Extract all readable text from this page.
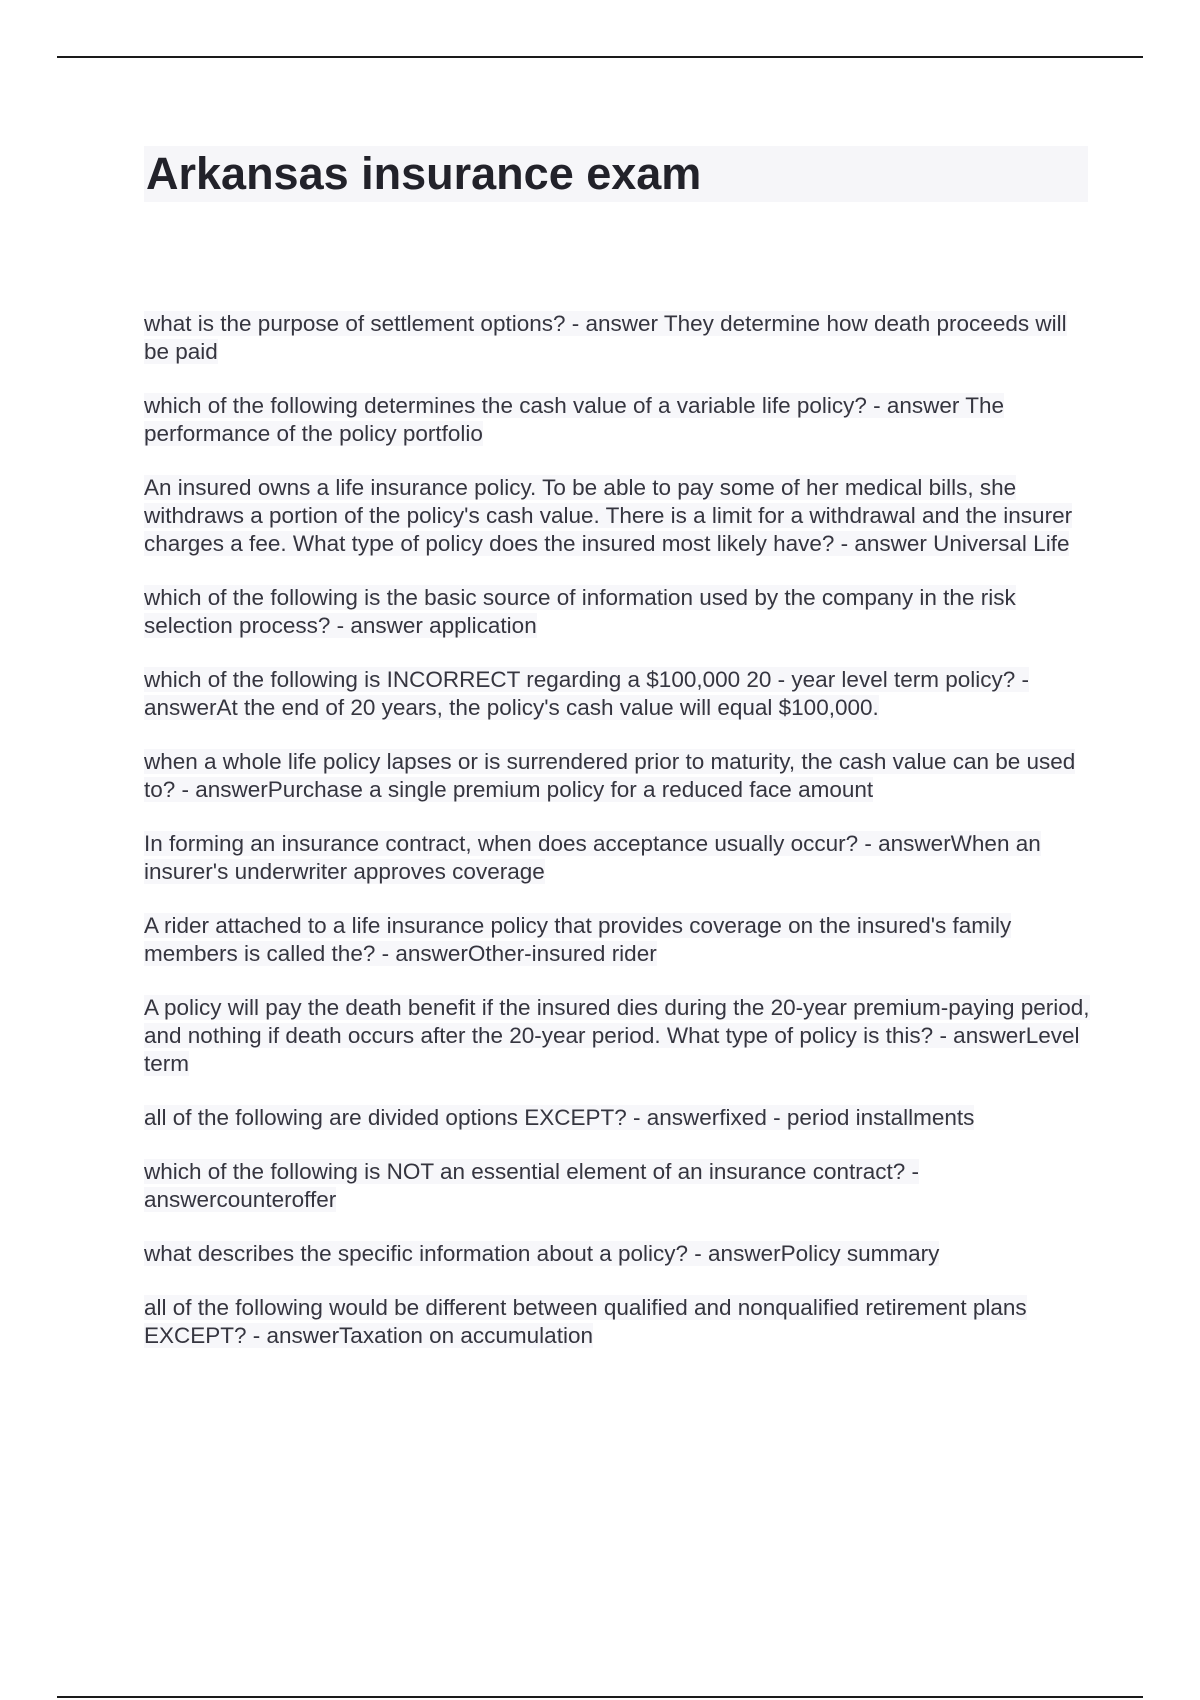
Arkansas insurance exam

what is the purpose of settlement options? - answer They determine how death proceeds will be paid

which of the following determines the cash value of a variable life policy? - answer The performance of the policy portfolio

An insured owns a life insurance policy. To be able to pay some of her medical bills, she withdraws a portion of the policy's cash value. There is a limit for a withdrawal and the insurer charges a fee. What type of policy does the insured most likely have? - answer Universal Life

which of the following is the basic source of information used by the company in the risk selection process? - answer application

which of the following is INCORRECT regarding a $100,000 20 - year level term policy? - answerAt the end of 20 years, the policy's cash value will equal $100,000.

when a whole life policy lapses or is surrendered prior to maturity, the cash value can be used to? - answerPurchase a single premium policy for a reduced face amount

In forming an insurance contract, when does acceptance usually occur? - answerWhen an insurer's underwriter approves coverage

A rider attached to a life insurance policy that provides coverage on the insured's family members is called the? - answerOther-insured rider

A policy will pay the death benefit if the insured dies during the 20-year premium-paying period, and nothing if death occurs after the 20-year period. What type of policy is this? - answerLevel term

all of the following are divided options EXCEPT? - answerfixed - period installments

which of the following is NOT an essential element of an insurance contract? - answercounteroffer

what describes the specific information about a policy? - answerPolicy summary

all of the following would be different between qualified and nonqualified retirement plans EXCEPT? - answerTaxation on accumulation
